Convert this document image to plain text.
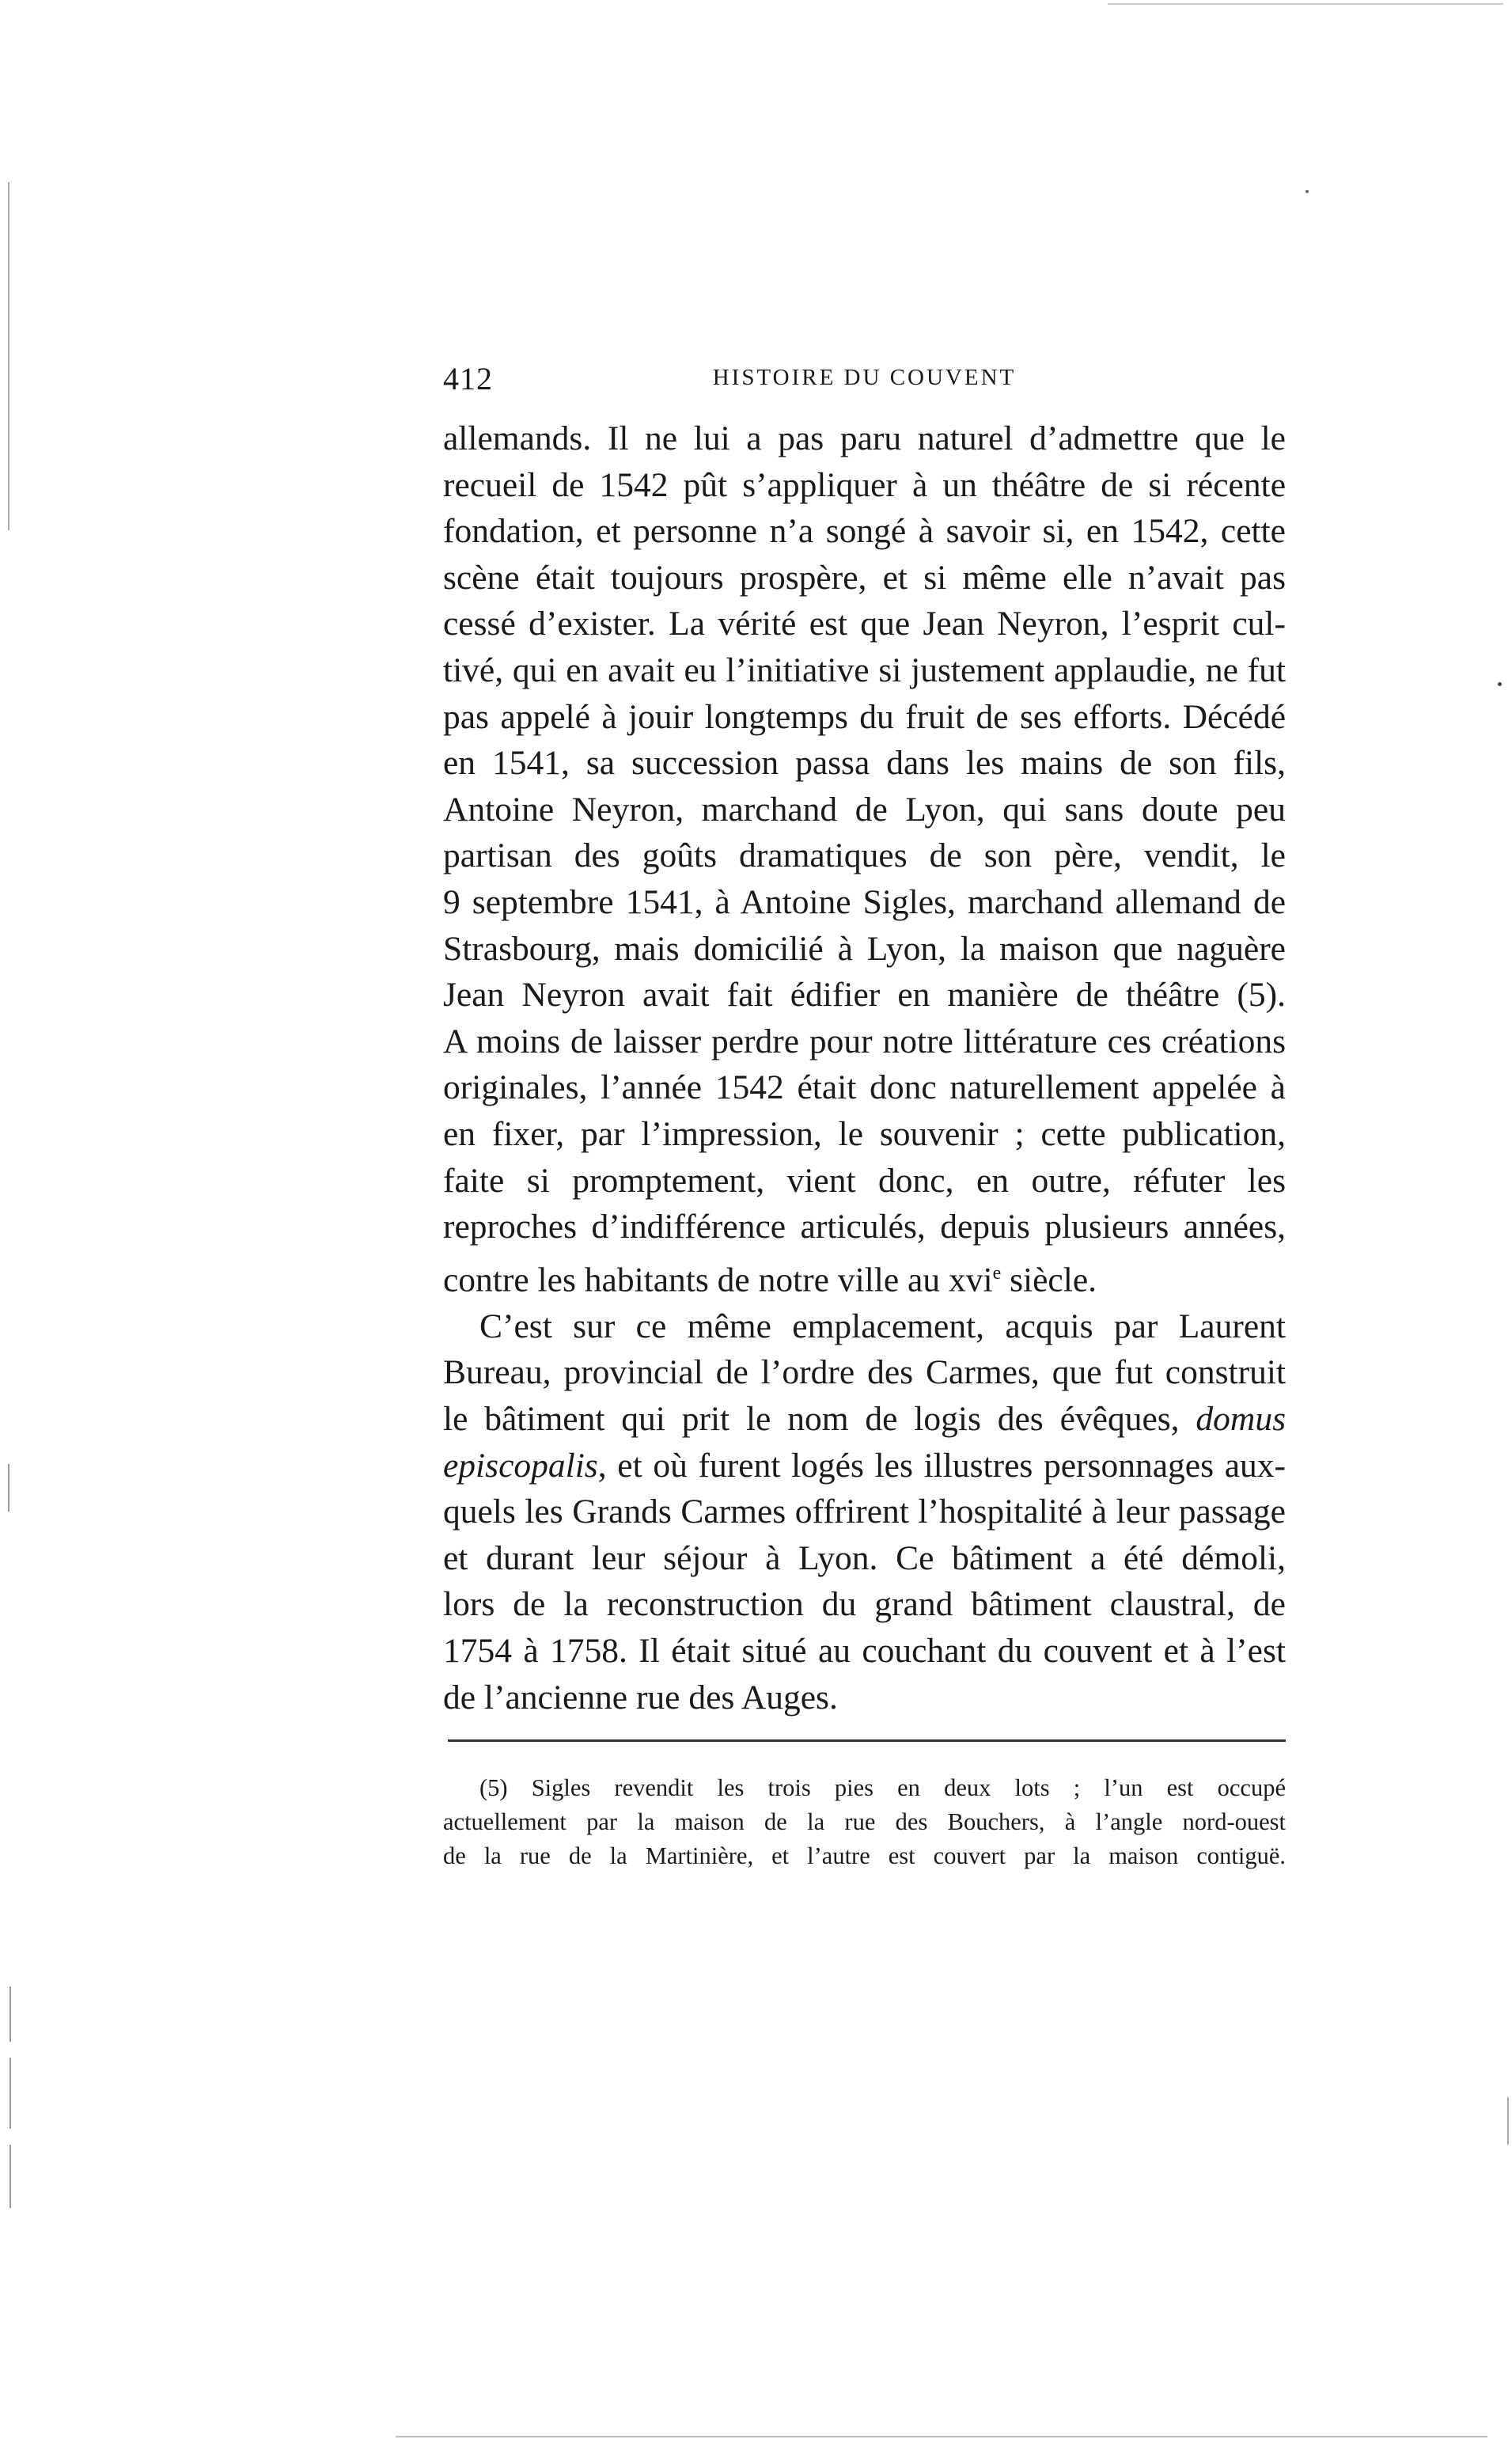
412	HISTOIRE DU COUVENT
allemands. Il ne lui a pas paru naturel d’admettre que le
recueil de 1542 pût s’appliquer à un théâtre de si récente
fondation, et personne n’a songé à savoir si, en 1542, cette
scène était toujours prospère, et si même elle n’avait pas
cessé d’exister. La vérité est que Jean Neyron, l’esprit cul-
tivé, qui en avait eu l’initiative si justement applaudie, ne fut
pas appelé à jouir longtemps du fruit de ses efforts. Décédé
en 1541, sa succession passa dans les mains de son fils,
Antoine Neyron, marchand de Lyon, qui sans doute peu
partisan des goûts dramatiques de son père, vendit, le
9 septembre 1541, à Antoine Sigles, marchand allemand de
Strasbourg, mais domicilié à Lyon, la maison que naguère
Jean Neyron avait fait édifier en manière de théâtre (5).
A moins de laisser perdre pour notre littérature ces créations
originales, l’année 1542 était donc naturellement appelée à
en fixer, par l’impression, le souvenir ; cette publication,
faite si promptement, vient donc, en outre, réfuter les
reproches d’indifférence articulés, depuis plusieurs années,
contre les habitants de notre ville au xvi$^e$ siècle.
C’est sur ce même emplacement, acquis par Laurent
Bureau, provincial de l’ordre des Carmes, que fut construit
le bâtiment qui prit le nom de logis des évêques, domus
episcopalis, et où furent logés les illustres personnages aux-
quels les Grands Carmes offrirent l’hospitalité à leur passage
et durant leur séjour à Lyon. Ce bâtiment a été démoli,
lors de la reconstruction du grand bâtiment claustral, de
1754 à 1758. Il était situé au couchant du couvent et à l’est
de l’ancienne rue des Auges.
(5) Sigles revendit les trois pies en deux lots ; l’un est occupé
actuellement par la maison de la rue des Bouchers, à l’angle nord-ouest
de la rue de la Martinière, et l’autre est couvert par la maison contiguë.
